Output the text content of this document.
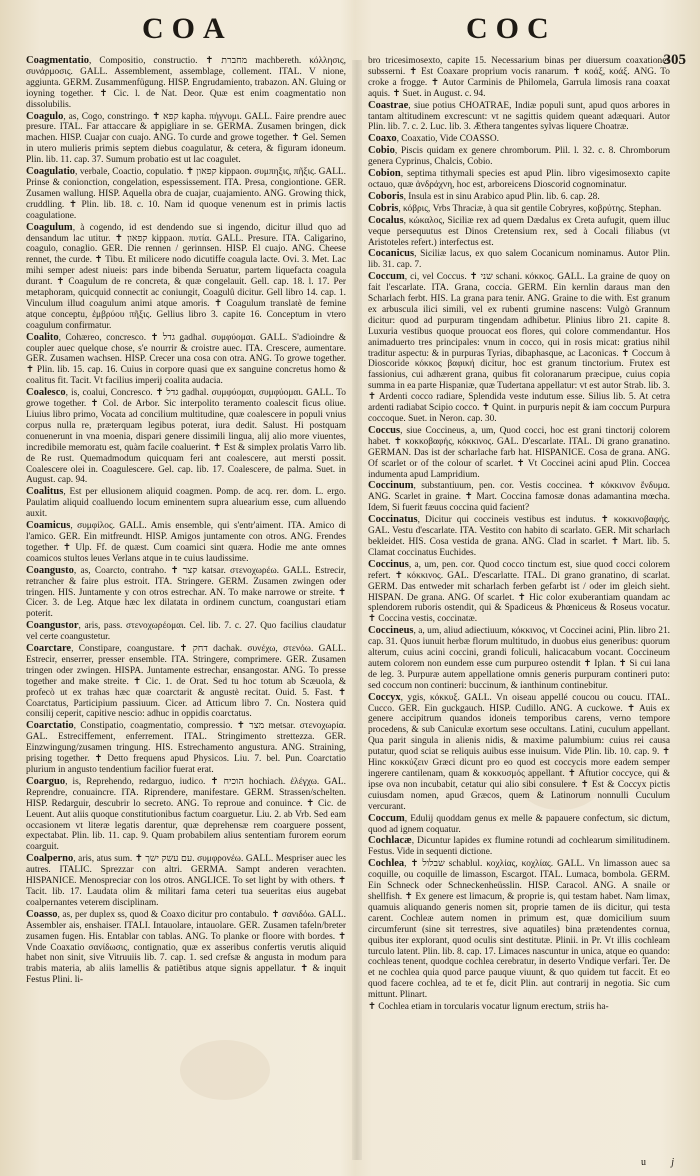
COA	COC
305

Coagmentatio, Compositio, constructio. ✝ מחברת machbereth. κόλλησις, συνάρμοσις. GALL. Assemblement, assemblage, collement. ITAL. V nione, aggiunta. GERM. Zusammenfügung. HISP. Engrudamiento, trabazon. AN. Gluing or ioyning together. ✝ Cic. l. de Nat. Deor. Quæ est enim coagmentatio non dissolubilis.

Coagulo, as, Cogo, constringo. ✝ קפא kapha. πήγνυμι. GALL. Faire prendre auec presure. ITAL. Far attaccare & appigliare in se. GERMA. Zusamen bringen, dick machen. HISP. Cuajar con cuajo. ANG. To curde and growe together. ✝ Gel. Semen in utero mulieris primis septem diebus coagulatur, & cetera, & figuram idoneum. Plin. lib. 11. cap. 37. Sumum probatio est ut lac coagulet.

Coagulatio, verbale, Coactio, copulatio. ✝ קפאון kippaon. συμπηξις, πῆξις. GALL. Prinse & conionction, congelation, espessissement. ITA. Presa, congiontione. GER. Zusamen wallung. HISP. Aquella obra de cuajar, cuajamiento. ANG. Growing thick, cruddling. ✝ Plin. lib. 18. c. 10. Nam id quoque venenum est in primis lactis coagulatione.

Coagulum, à cogendo, id est dendendo sue si ingendo, dicitur illud quo ad densandum lac utitur. ✝ קפאון kippaon. πυτία. GALL. Presure. ITA. Caligarino, coagulo, conaglio. GER. Die rennen / gerinnsen. HISP. El cuajo. ANG. Cheese rennet, the curde. ✝ Tibu. Et milicere nodo dicutiffe coagula lacte. Ovi. 3. Met. Lac mihi semper adest niueis: pars inde bibenda Seruatur, partem liquefacta coagula durant. ✝ Coagulum de re concreta, & quæ congelauit. Gell. cap. 18. l. 17. Per metaphoram, quicquid connectit ac coniungit, Coagulû dicitur. Gell libro 14. cap. 1. Vinculum illud coagulum animi atque amoris. ✝ Coagulum translatè de femine atque conceptu, ἐμβρύου πῆξις. Gellius libro 3. capite 16. Conceptum in vtero coagulum confirmatur.

Coalito, Cohæreo, concresco. ✝ גדל gadhal. συμφύομαι. GALL. S'adioindre & coupler auec quelque chose, s'e nourrir & croistre auec. ITA. Crescere, aumentare. GER. Zusamen wachsen. HISP. Crecer una cosa con otra. ANG. To growe together. ✝ Plin. lib. 15. cap. 16. Cuius in corpore quasi que ex sanguine concretus homo & coalitus fit. Tacit. Vt facilius imperij coalita audacia.

Coalesco, is, coalui, Concresco. ✝ גדל gadhal. συμφύομαι, συμφύομαι. GALL. To growe together. ✝ Col. de Arbor. Sic interpolito teramento coalescit ficus oliue. Liuius libro primo, Vocata ad concilium multitudine, quæ coalescere in populi vnius corpus nulla re, præterquam legibus poterat, iura dedit. Salust. Hi postquam conuenerunt in vna moenia, dispari genere dissimili lingua, alij alio more viuentes, incredibile memoratu est, quàm facile coaluerint. ✝ Est & simplex prolatis Varro lib. de Re rust. Quemadmodum quicquam feri ant coalescere, aut mersti possit. Coalescere olei in. Coagulescere. Gel. cap. lib. 17. Coalescere, de palma. Suet. in August. cap. 94.

Coalitus, Est per ellusionem aliquid coagmen. Pomp. de acq. rer. dom. L. ergo. Paulatim aliquid coalluendo locum eminentem supra aluearium esse, cum alluendo auxit.

Coamicus, συμφίλος. GALL. Amis ensemble, qui s'entr'aiment. ITA. Amico di l'amico. GER. Ein mitfreundt. HISP. Amigos juntamente con otros. ANG. Frendes together. ✝ Ulp. Ff. de quæst. Cum coamici sint quæra. Hodie me ante omnes coamicos stultos leues Verlans atque in te cuius laudissime.

Coangusto, as, Coarcto, contraho. ✝ קצר katsar. στενοχωρέω. GALL. Estrecir, retrancher & faire plus estroit. ITA. Stringere. GERM. Zusamen zwingen oder tringen. HIS. Juntamente y con otros estrechar. AN. To make narrowe or streite. ✝ Cicer. 3. de Leg. Atque hæc lex dilatata in ordinem cunctum, coangustari etiam poterit.

Coangustor, aris, pass. στενοχωρέομαι. Cel. lib. 7. c. 27. Quo facilius claudatur vel certe coangustetur.

Coarctare, Constipare, coangustare. ✝ דחק dachak. συνέχω, στενόω. GALL. Estrecir, enserrer, presser ensemble. ITA. Stringere, comprimere. GER. Zusamen tringen oder zwingen. HISPA. Juntamente estrechar, ensangostar. ANG. To presse together and make streite. ✝ Cic. 1. de Orat. Sed tu hoc totum ab Scæuola, & profecò ut ex trahas hæc quæ coarctarit & angustè recitat. Ouid. 5. Fast. ✝ Coarctatus, Participium passiuum. Cicer. ad Atticum libro 7. Cn. Nostera quid consilij ceperit, capitive nescio: adhuc in oppidis coarctatus.

Coarctatio, Constipatio, coagmentatio, compressio. ✝ מצר metsar. στενοχωρία. GAL. Estreciffement, enferrement. ITAL. Stringimento strettezza. GER. Einzwingung/zusamen tringung. HIS. Estrechamento angustura. ANG. Straining, prising together. ✝ Detto frequens apud Physicos. Liu. 7. bel. Pun. Coarctatio plurium in angusto tendentium facilior fuerat erat.

Coarguo, is, Reprehendo, redarguo, iudico. ✝ הוכיח hochiach. ἐλέγχω. GAL. Reprendre, conuaincre. ITA. Riprendere, manifestare. GERM. Strassen/schelten. HISP. Redarguir, descubrir lo secreto. ANG. To reproue and conuince. ✝ Cic. de Leuent. Aut aliis quoque constitutionibus factum coarguetur. Liu. 2. ab Vrb. Sed eam occasionem vt literæ legatis darentur, quæ deprehensæ rem coarguere possent, expectabat. Plin. lib. 11. cap. 9. Quam probabilem alius sententiam furorem eorum coarguit.

Coalperno, aris, atus sum. ✝ עם עשק ישך. συμφρονέω. GALL. Mespriser auec les autres. ITALIC. Sprezzar con altri. GERMA. Sampt anderen verachten. HISPANICE. Menospreciar con los otros. ANGLICE. To set light by with others. ✝ Tacit. lib. 17. Laudata olim & militari fama ceteri tua seueritas eius augebat coalpernantes veterem disciplinam.

Coasso, as, per duplex ss, quod & Coaxo dicitur pro contabulo. ✝ σανιδόω. GALL. Assembler ais, enshaiser. ITALI. Intauolare, intauolare. GER. Zusamen tafeln/breter zusamen fugen. His. Entablar con tablas. ANG. To planke or floore with bordes. ✝ Vnde Coaxatio σανίδωσις, contignatio, quæ ex asseribus confertis verutis aliquid habet non sinit, sive Vitruuiis lib. 7. cap. 1. sed crefsæ & angusta in modum para trabis materia, ab aliis lamellis & patiētibus atque signis appellatur. ✝ & inquit Festus Plini. li-

bro tricesimosexto, capite 15. Necessarium binas per diuersum coaxationes subsserni. ✝ Est Coaxare proprium vocis ranarum. ✝ κοάξ, κοάξ. ANG. To croke a frogge. ✝ Autor Carminis de Philomela, Garrula limosis rana coaxat aquis. ✝ Suet. in August. c. 94.

Coastrae, siue potius CHOATRAE, Indiæ populi sunt, apud quos arbores in tantam altitudinem excrescunt: vt ne sagittis quidem queant adæquari. Autor Plin. lib. 7. c. 2. Luc. lib. 3. Æthera tangentes sylvas liquere Choatræ.

Coaxo, Coaxatio, Vide COASSO.

Cobio, Piscis quidam ex genere chromborum. Plil. l. 32. c. 8. Chromborum genera Cyprinus, Chalcis, Cobio.

Cobion, septima tithymali species est apud Plin. libro vigesimosexto capite octauo, quæ ἀνδράχνη, hoc est, arboreicens Dioscorid cognominatur.

Coboris, Insula est in sinu Arabico apud Plin. lib. 6. cap. 28.

Cobris, κόβρις, Vrbs Thraciæ, à qua sit gentile Cobryres, κοβρύτης. Stephan.

Cocalus, κώκαλος, Siciliæ rex ad quem Dædalus ex Creta aufugit, quem illuc veque persequutus est Dinos Cretensium rex, sed à Cocali filiabus (vt Aristoteles refert.) interfectus est.

Cocanicus, Siciliæ lacus, ex quo salem Cocanicum nominamus. Autor Plin. lib. 31. cap. 7.

Coccum, ci, vel Coccus. ✝ שני schani. κόκκος. GALL. La graine de quoy on fait l'escarlate. ITA. Grana, coccia. GERM. Ein kernlin daraus man den Scharlach ferbt. HIS. La grana para tenir. ANG. Graine to die with. Est granum ex arbuscula ilici simili, vel ex rubenti grumine nascens: Vulgò Grannum dicitur: quod ad purpuram tingendam adhibetur. Plinius libro 21. capite 8. Luxuria vestibus quoque prouocat eos flores, qui colore commendantur. Hos animaduerto tres principales: vnum in cocco, qui in rosis micat: gratius nihil traditur aspectu: & in purpuras Tyrias, dibaphasque, ac Laconicas. ✝ Coccum à Dioscoride κόκκος βαφική dicitur, hoc est granum tinctorium. Frutex est fassionius, cui adhærent grana, quibus fit coloranarum præcipue, cuius copia summa in ea parte Hispaniæ, quæ Tudertana appellatur: vt est autor Strab. lib. 3. ✝ Ardenti cocco radiare, Splendida veste indutum esse. Silius lib. 5. At cetra ardenti radiabat Scipio cocco. ✝ Quint. in purpuris nepit & iam coccum Purpura coccoque. Suet. in Neron. cap. 30.

Coccus, siue Coccineus, a, um, Quod cocci, hoc est grani tinctorij colorem habet. ✝ κοκκοβαφής, κόκκινος. GAL. D'escarlate. ITAL. Di grano granatino. GERMAN. Das ist der scharlache farb hat. HISPANICE. Cosa de grana. ANG. Of scarlet or of the colour of scarlet. ✝ Vt Coccinei acini apud Plin. Coccea indumenta apud Lampridium.

Coccinum, substantiuum, pen. cor. Vestis coccinea. ✝ κόκκινον ἔνδυμα. ANG. Scarlet in graine. ✝ Mart. Coccina famosæ donas adamantina mœcha. Idem, Si fuerit fæuus coccina quid facient?

Coccinatus, Dicitur qui coccineis vestibus est indutus. ✝ κοκκινοβαφής. GAL. Vestu d'escarlate. ITA. Vestito con habito di scarlato. GER. Mit scharlach bekleidet. HIS. Cosa vestida de grana. ANG. Clad in scarlet. ✝ Mart. lib. 5. Clamat coccinatus Euchides.

Coccinus, a, um, pen. cor. Quod cocco tinctum est, siue quod cocci colorem refert. ✝ κόκκινος. GAL. D'escarlatte. ITAL. Di grano granatino, di scarlat. GERM. Das entweder mit scharlach ferben gefarbt ist / oder im gleich sieht. HISPAN. De grana. ANG. Of scarlet. ✝ Hic color exuberantiam quandam ac splendorem ruboris ostendit, qui & Spadiceus & Phœniceus & Roseus vocatur. ✝ Coccina vestis, coccinatæ.

Coccineus, a, um, aliud adiectiuum, κόκκινος, vt Coccinei acini, Plin. libro 21. cap. 31. Quos iunuit herbæ florum multitudo, in duobus eius generibus: quorum alterum, cuius acini coccini, grandi foliculi, halicacabum vocant. Coccineum autem colorem non eundem esse cum purpureo ostendit ✝ Iplan. ✝ Si cui lana de leg. 3. Purpuræ autem appellatione omnis generis purpuram contineri puto: sed coccum non contineri: buccinum, & ianthinum continebitur.

Coccyx, ygis, κόκκυξ. GALL. Vn oiseau appellé coucou ou coucu. ITAL. Cucco. GER. Ein guckgauch. HISP. Cudillo. ANG. A cuckowe. ✝ Auis ex genere accipitrum quandos idoneis temporibus carens, verno tempore procedens, & sub Caniculæ exortum sese occultans. Latini, cuculum appellant. Qua parit singula in alienis nidis, & maxime palumbium: cuius rei causa putatur, quod sciat se reliquis auibus esse inuisum. Vide Plin. lib. 10. cap. 9. ✝ Hinc κοκκύζειν Græci dicunt pro eo quod est coccycis more eadem semper ingerere cantilenam, quam & κοκκυσμός appellant. ✝ Aftutior coccyce, qui & ipse ova non incubabit, cetatur qui alio sibi consulere. ✝ Est & Coccyx pictis cuiusdam nomen, apud Græcos, quem & Latinorum nonnulli Cuculum vercurant.

Coccum, Edulij quoddam genus ex melle & papauere confectum, sic dictum, quod ad ignem coquatur.

Cochlacæ, Dicuntur lapides ex flumine rotundi ad cochlearum similitudinem. Festus. Vide in sequenti dictione.

Cochlea, ✝ שבלול schablul. κοχλίας, κοχλίας. GALL. Vn limasson auec sa coquille, ou coquille de limasson, Escargot. ITAL. Lumaca, bombola. GERM. Ein Schneck oder Schneckenheüsslin. HISP. Caracol. ANG. A snaile or shellfish. ✝ Ex genere est limacum, & proprie is, qui testam habet. Nam limax, quamuis aliquando generis nomen sit, proprie tamen de iis dicitur, qui testa carent. Cochleæ autem nomen in primum est, quæ domicilium suum circumferunt (sine sit terrestres, sive aquatiles) bina prætendentes cornua, quibus iter explorant, quod oculis sint destitutæ. Plinii. in Pr. Vt illis cochleam turculo latent. Plin. lib. 8. cap. 17. Limaces nascuntur in unica, atque eo quando: cochleas tenent, quodque cochlea cerebratur, in deserto Vndique verfari. Ter. De et ne cochlea quia quod parce pauque viuunt, & quo quidem tut faccit. Et eo quod facere cochlea, ad te et fe, dicit Plin. aut contrarij in negotia. Sic cum mittunt. Plinart.

✝ Cochlea etiam in torcularis vocatur lignum erectum, striis ha-

u	j
